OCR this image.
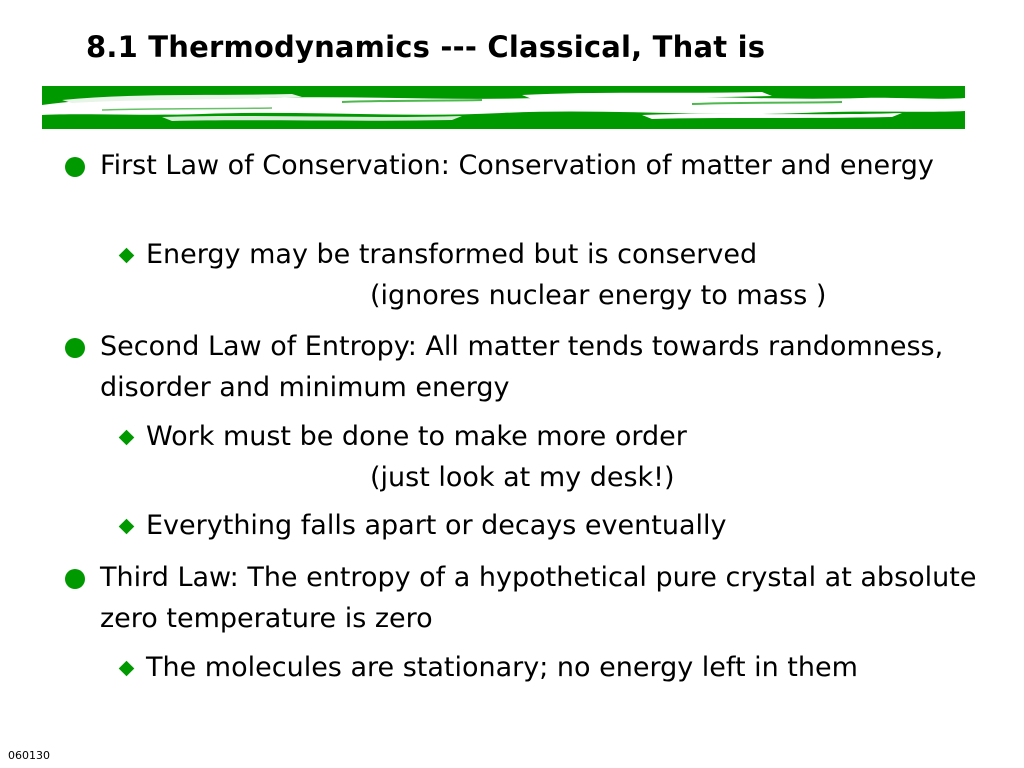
8.1 Thermodynamics --- Classical, That is
First Law of Conservation: Conservation of matter and energy
Energy may be transformed but is conserved
(ignores nuclear energy to mass )
Second Law of Entropy: All matter tends towards randomness, disorder and minimum energy
Work must be done to make more order
(just look at my desk!)
Everything falls apart or decays eventually
Third Law: The entropy of a hypothetical pure crystal at absolute zero temperature is zero
The molecules are stationary; no energy left in them
060130
